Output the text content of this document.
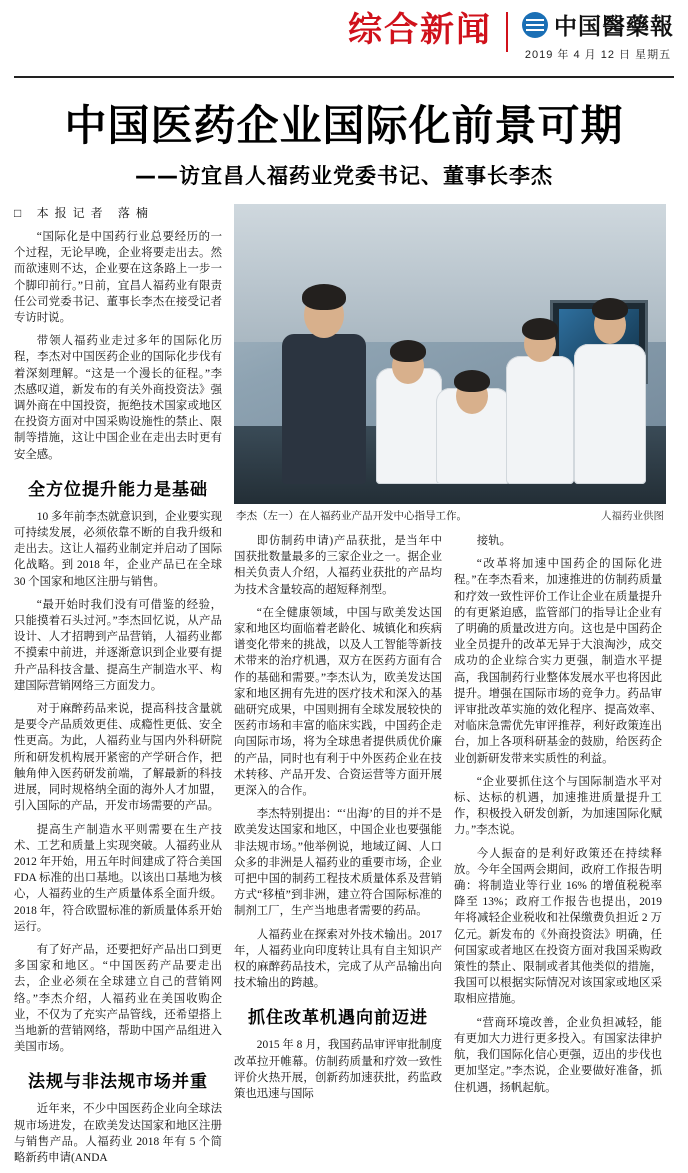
综合新闻	中国醫藥報
2019 年 4 月 12 日 星期五
中国医药企业国际化前景可期
——访宜昌人福药业党委书记、董事长李杰
□ 本报记者 落楠

“国际化是中国药行业总要经历的一个过程，无论早晚，企业将要走出去。然而欲速则不达，企业要在这条路上一步一个脚印前行。”日前，宜昌人福药业有限责任公司党委书记、董事长李杰在接受记者专访时说。

带领人福药业走过多年的国际化历程，李杰对中国医药企业的国际化步伐有着深刻理解。“这是一个漫长的征程。”李杰感叹道，新发布的有关外商投资法》强调外商在中国投资，扼绝技术国家或地区在投资方面对中国采购设施性的禁止、限制等措施，这让中国企业在走出去时更有安全感。

全方位提升能力是基础

10 多年前李杰就意识到，企业要实现可持续发展，必须依靠不断的自我升级和走出去。这让人福药业制定并启动了国际化战略。到 2018 年，企业产品已在全球 30 个国家和地区注册与销售。

“最开始时我们没有可借鉴的经验，只能摸着石头过河。”李杰回忆说，从产品设计、人才招聘到产品营销，人福药业都不摸索中前进，并逐渐意识到企业要有提升产品科技含量、提高生产制造水平、构建国际营销网络三方面发力。

对于麻醉药品来说，提高科技含量就是要令产品质效更佳、成瘾性更低、安全性更高。为此，人福药业与国内外科研院所和研发机构展开紧密的产学研合作，把触角伸入医药研发前端，了解最新的科技进展，同时规格纳全面的海外人才加盟，引入国际的产品，开发市场需要的产品。

提高生产制造水平则需要在生产技术、工艺和质量上实现突破。人福药业从 2012 年开始，用五年时间建成了符合美国 FDA 标准的出口基地。以该出口基地为核心，人福药业的生产质量体系全面升级。2018 年，符合欧盟标准的新质量体系开始运行。

有了好产品，还要把好产品出口到更多国家和地区。“中国医药产品要走出去，企业必须在全球建立自己的营销网络。”李杰介绍，人福药业在美国收购企业，不仅为了充实产品管线，还希望搭上当地新的营销网络，帮助中国产品组进入美国市场。

法规与非法规市场并重

近年来，不少中国医药企业向全球法规市场进发，在欧美发达国家和地区注册与销售产品。人福药业 2018 年有 5 个简略新药申请(ANDA

李杰（左一）在人福药业产品开发中心指导工作。	人福药业供图

即仿制药申请)产品获批，是当年中国获批数量最多的三家企业之一。据企业相关负责人介绍，人福药业获批的产品均为技术含量较高的超短释剂型。

“在全健康领域，中国与欧美发达国家和地区均面临着老龄化、城镇化和疾病谱变化带来的挑战，以及人工智能等新技术带来的治疗机遇，双方在医药方面有合作的基础和需要。”李杰认为，欧美发达国家和地区拥有先进的医疗技术和深入的基础研究成果，中国则拥有全球发展较快的医药市场和丰富的临床实践，中国药企走向国际市场，将为全球患者提供质优价廉的产品，同时也有利于中外医药企业在技术转移、产品开发、合资运营等方面开展更深入的合作。

李杰特别提出：“‘出海’的目的并不是欧美发达国家和地区，中国企业也要强能非法规市场。”他举例说，地域辽阔、人口众多的非洲是人福药业的重要市场，企业可把中国的制药工程技术质量体系及营销方式“移植”到非洲，建立符合国际标准的制剂工厂，生产当地患者需要的药品。

人福药业在探索对外技术输出。2017 年，人福药业向印度转让具有自主知识产权的麻醉药品技术，完成了从产品输出向技术输出的跨越。

抓住改革机遇向前迈进

2015 年 8 月，我国药品审评审批制度改革拉开帷幕。仿制药质量和疗效一致性评价火热开展，创新药加速获批，药监政策也迅速与国际

接轨。

“改革将加速中国药企的国际化进程。”在李杰看来，加速推进的仿制药质量和疗效一致性评价工作让企业在质量提升的有更紧迫感，监管部门的指导让企业有了明确的质量改进方向。这也是中国药企业全员提升的改革无异于大浪淘沙，成交成功的企业综合实力更强，制造水平提高，我国制药行业整体发展水平也将因此提升。增强在国际市场的竞争力。药品审评审批改革实施的效化程序、提高效率、对临床急需优先审评推荐，利好政策连出台，加上各项科研基金的鼓励，给医药企业创新研发带来实质性的利益。

“企业要抓住这个与国际制造水平对标、达标的机遇，加速推进质量提升工作，积极投入研发创新，为加速国际化赋力。”李杰说。

今人振奋的是利好政策还在持续释放。今年全国两会期间，政府工作报告明确：将制造业等行业 16% 的增值税税率降至 13%；政府工作报告也提出，2019 年将减轻企业税收和社保缴费负担近 2 万亿元。新发布的《外商投资法》明确，任何国家或者地区在投资方面对我国采购政策性的禁止、限制或者其他类似的措施，我国可以根据实际情况对该国家或地区采取相应措施。

“营商环境改善，企业负担减轻，能有更加大力进行更多投入。有国家法律护航，我们国际化信心更强，迈出的步伐也更加坚定。”李杰说，企业要做好准备，抓住机遇，扬帆起航。
